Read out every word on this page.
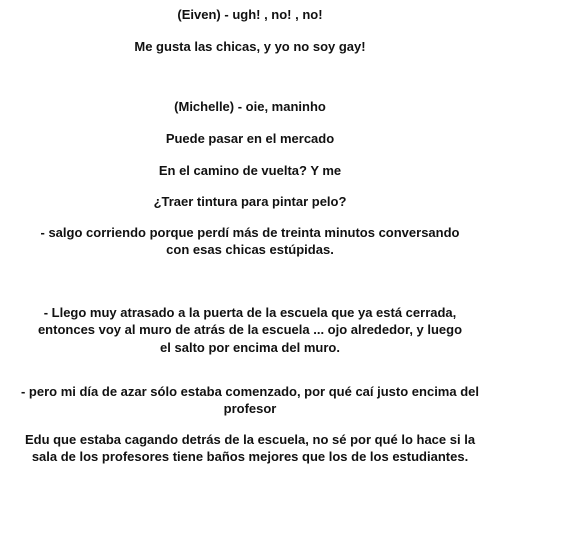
(Eiven) - ugh! , no! , no!
Me gusta las chicas, y yo no soy gay!
(Michelle) - oie, maninho
Puede pasar en el mercado
En el camino de vuelta? Y me
¿Traer tintura para pintar pelo?
- salgo corriendo porque perdí más de treinta minutos conversando
con esas chicas estúpidas.
- Llego muy atrasado a la puerta de la escuela que ya está cerrada,
entonces voy al muro de atrás de la escuela ... ojo alrededor, y luego
el salto por encima del muro.
- pero mi día de azar sólo estaba comenzado, por qué caí justo encima del
profesor
Edu que estaba cagando detrás de la escuela, no sé por qué lo hace si la
sala de los profesores tiene baños mejores que los de los estudiantes.
